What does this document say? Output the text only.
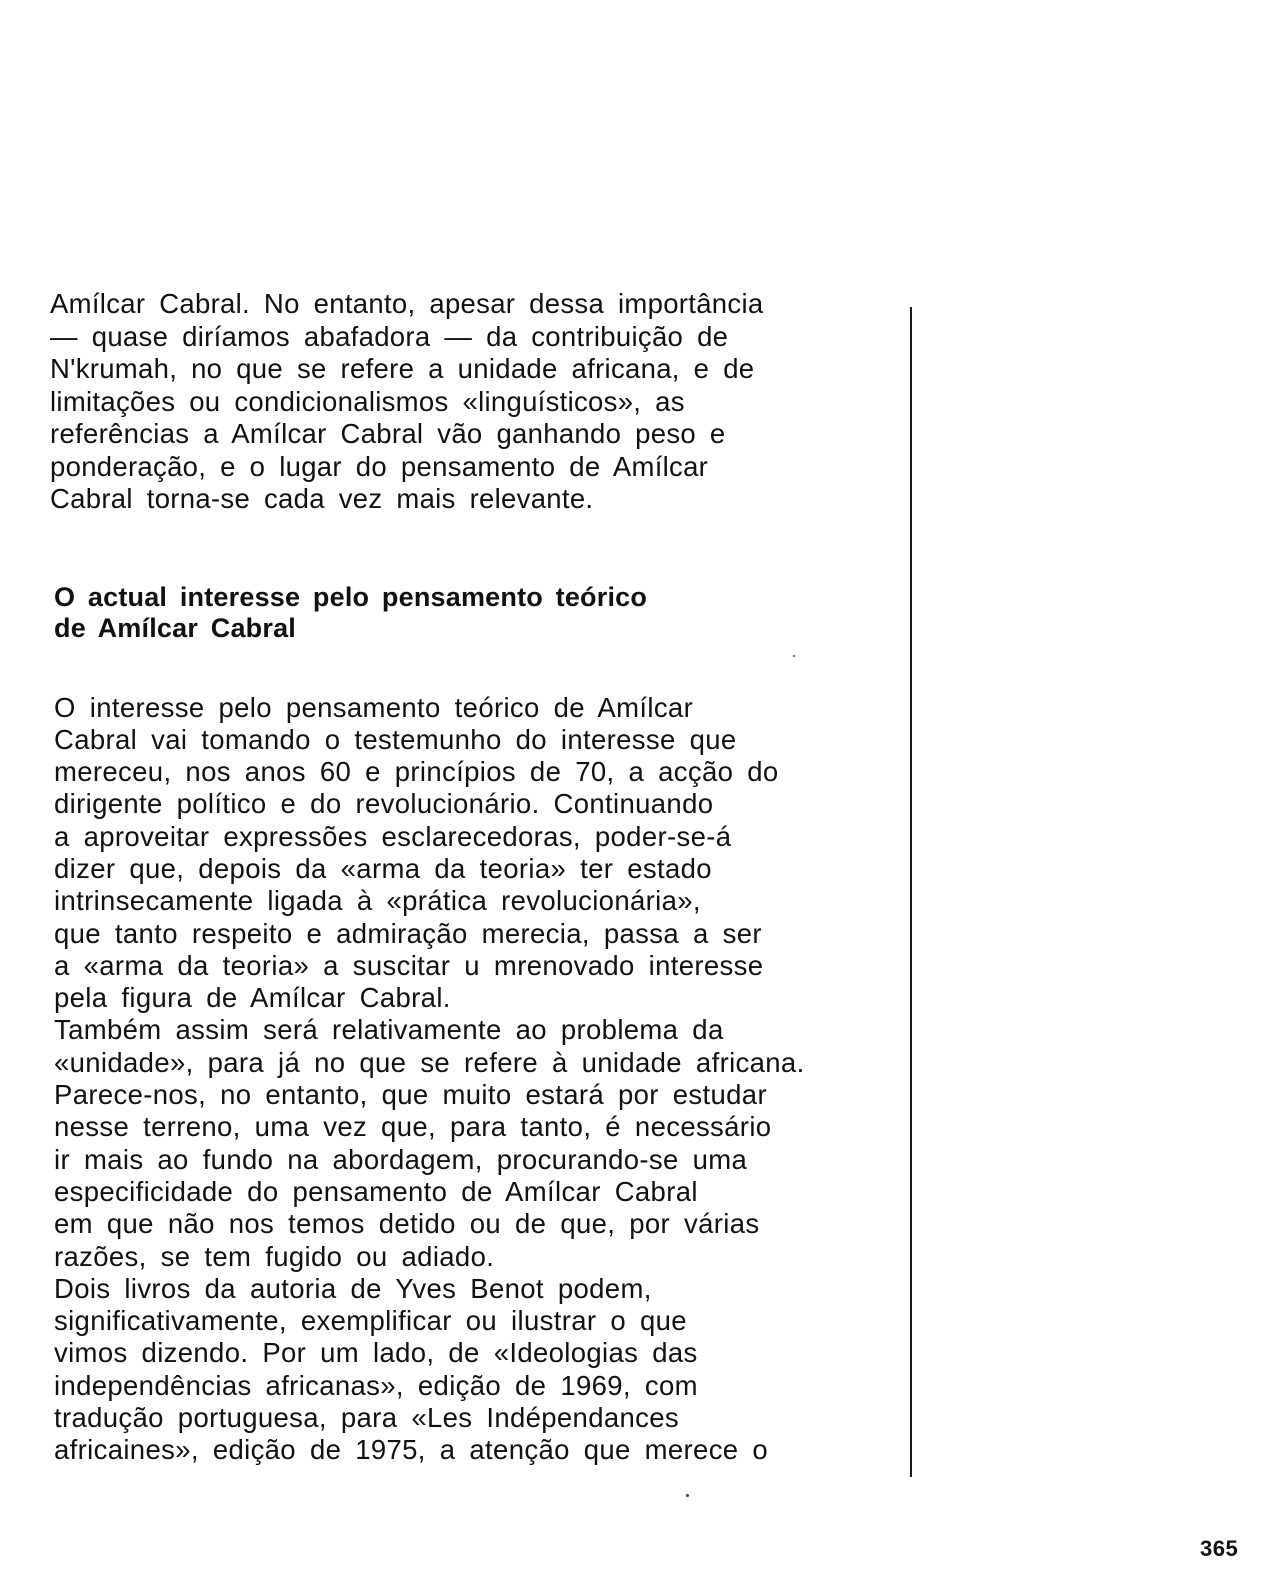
Amílcar Cabral. No entanto, apesar dessa importância
— quase diríamos abafadora — da contribuição de
N'krumah, no que se refere a unidade africana, e de
limitações ou condicionalismos «linguísticos», as
referências a Amílcar Cabral vão ganhando peso e
ponderação, e o lugar do pensamento de Amílcar
Cabral torna-se cada vez mais relevante.

O actual interesse pelo pensamento teórico
de Amílcar Cabral

O interesse pelo pensamento teórico de Amílcar
Cabral vai tomando o testemunho do interesse que
mereceu, nos anos 60 e princípios de 70, a acção do
dirigente político e do revolucionário. Continuando
a aproveitar expressões esclarecedoras, poder-se-á
dizer que, depois da «arma da teoria» ter estado
intrinsecamente ligada à «prática revolucionária»,
que tanto respeito e admiração merecia, passa a ser
a «arma da teoria» a suscitar u mrenovado interesse
pela figura de Amílcar Cabral.
Também assim será relativamente ao problema da
«unidade», para já no que se refere à unidade africana.
Parece-nos, no entanto, que muito estará por estudar
nesse terreno, uma vez que, para tanto, é necessário
ir mais ao fundo na abordagem, procurando-se uma
especificidade do pensamento de Amílcar Cabral
em que não nos temos detido ou de que, por várias
razões, se tem fugido ou adiado.
Dois livros da autoria de Yves Benot podem,
significativamente, exemplificar ou ilustrar o que
vimos dizendo. Por um lado, de «Ideologias das
independências africanas», edição de 1969, com
tradução portuguesa, para «Les Indépendances
africaines», edição de 1975, a atenção que merece o

365
